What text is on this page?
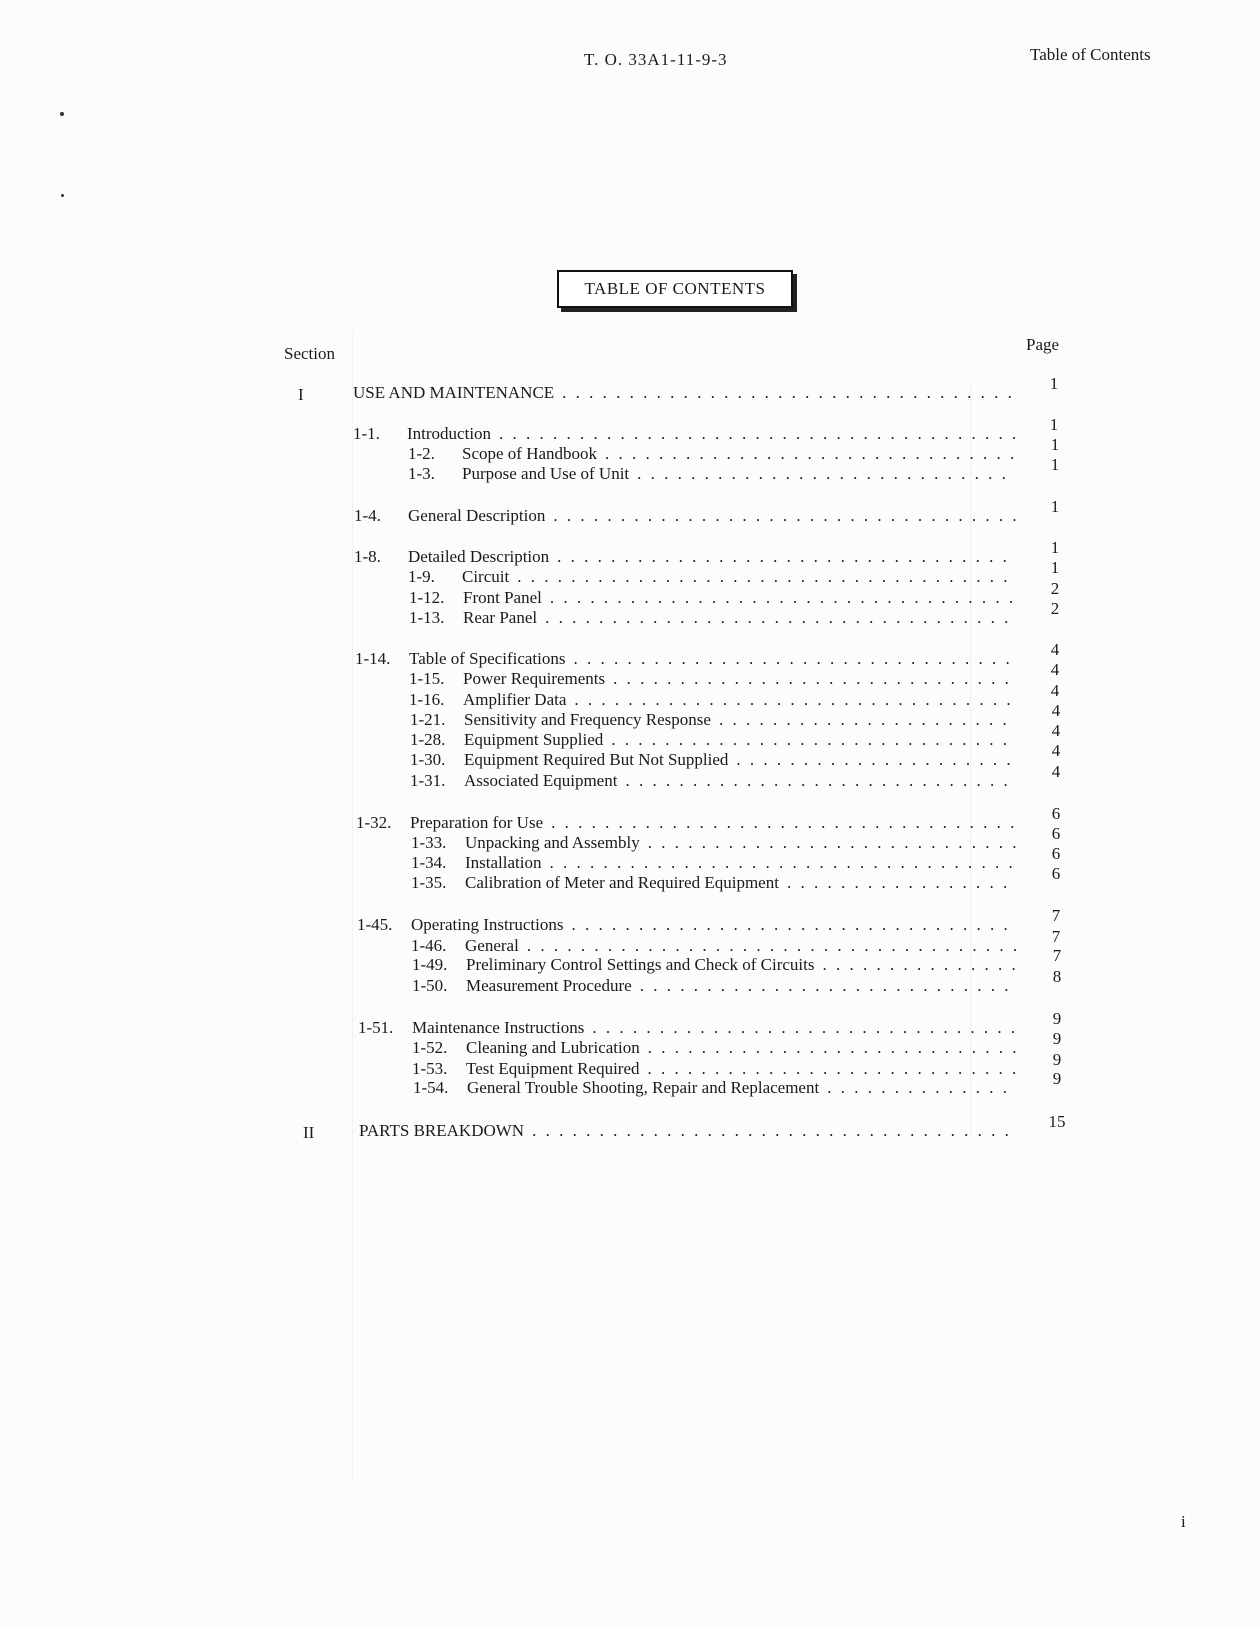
T. O. 33A1-11-9-3	Table of Contents
TABLE OF CONTENTS
Section	Page
I	USE AND MAINTENANCE . . .	1
1-1.	Introduction . . .	1
1-2.	Scope of Handbook . . .	1
1-3.	Purpose and Use of Unit . . .	1
1-4.	General Description . . .	1
1-8.	Detailed Description . . .	1
1-9.	Circuit . . .	1
1-12.	Front Panel . . .	2
1-13.	Rear Panel . . .	2
1-14.	Table of Specifications . . .	4
1-15.	Power Requirements . . .	4
1-16.	Amplifier Data . . .	4
1-21.	Sensitivity and Frequency Response . . .	4
1-28.	Equipment Supplied . . .	4
1-30.	Equipment Required But Not Supplied . . .	4
1-31.	Associated Equipment . . .	4
1-32.	Preparation for Use . . .	6
1-33.	Unpacking and Assembly . . .	6
1-34.	Installation . . .	6
1-35.	Calibration of Meter and Required Equipment . . .	6
1-45.	Operating Instructions . . .	7
1-46.	General . . .	7
1-49.	Preliminary Control Settings and Check of Circuits . . .	7
1-50.	Measurement Procedure . . .	8
1-51.	Maintenance Instructions . . .	9
1-52.	Cleaning and Lubrication . . .	9
1-53.	Test Equipment Required . . .	9
1-54.	General Trouble Shooting, Repair and Replacement . . .	9
II	PARTS BREAKDOWN . . .	15
i
